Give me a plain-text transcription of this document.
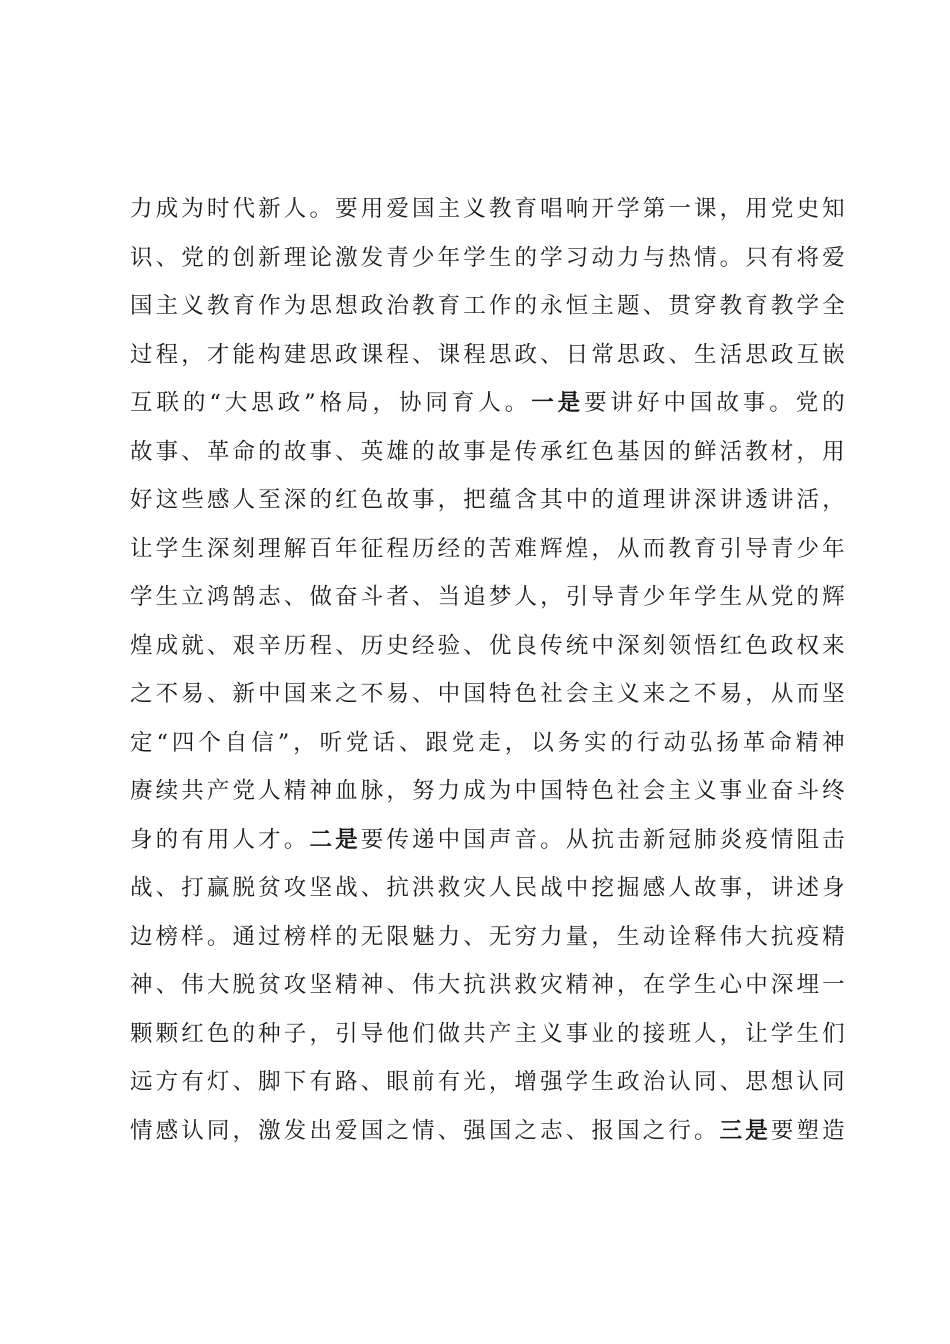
力成为时代新人。要用爱国主义教育唱响开学第一课，用党史知
识、党的创新理论激发青少年学生的学习动力与热情。只有将爱
国主义教育作为思想政治教育工作的永恒主题、贯穿教育教学全
过程，才能构建思政课程、课程思政、日常思政、生活思政互嵌
互联的“大思政”格局，协同育人。一是要讲好中国故事。党的
故事、革命的故事、英雄的故事是传承红色基因的鲜活教材，用
好这些感人至深的红色故事，把蕴含其中的道理讲深讲透讲活，
让学生深刻理解百年征程历经的苦难辉煌，从而教育引导青少年
学生立鸿鹄志、做奋斗者、当追梦人，引导青少年学生从党的辉
煌成就、艰辛历程、历史经验、优良传统中深刻领悟红色政权来
之不易、新中国来之不易、中国特色社会主义来之不易，从而坚
定“四个自信”，听党话、跟党走，以务实的行动弘扬革命精神
赓续共产党人精神血脉，努力成为中国特色社会主义事业奋斗终
身的有用人才。二是要传递中国声音。从抗击新冠肺炎疫情阻击
战、打赢脱贫攻坚战、抗洪救灾人民战中挖掘感人故事，讲述身
边榜样。通过榜样的无限魅力、无穷力量，生动诠释伟大抗疫精
神、伟大脱贫攻坚精神、伟大抗洪救灾精神，在学生心中深埋一
颗颗红色的种子，引导他们做共产主义事业的接班人，让学生们
远方有灯、脚下有路、眼前有光，增强学生政治认同、思想认同
情感认同，激发出爱国之情、强国之志、报国之行。三是要塑造
